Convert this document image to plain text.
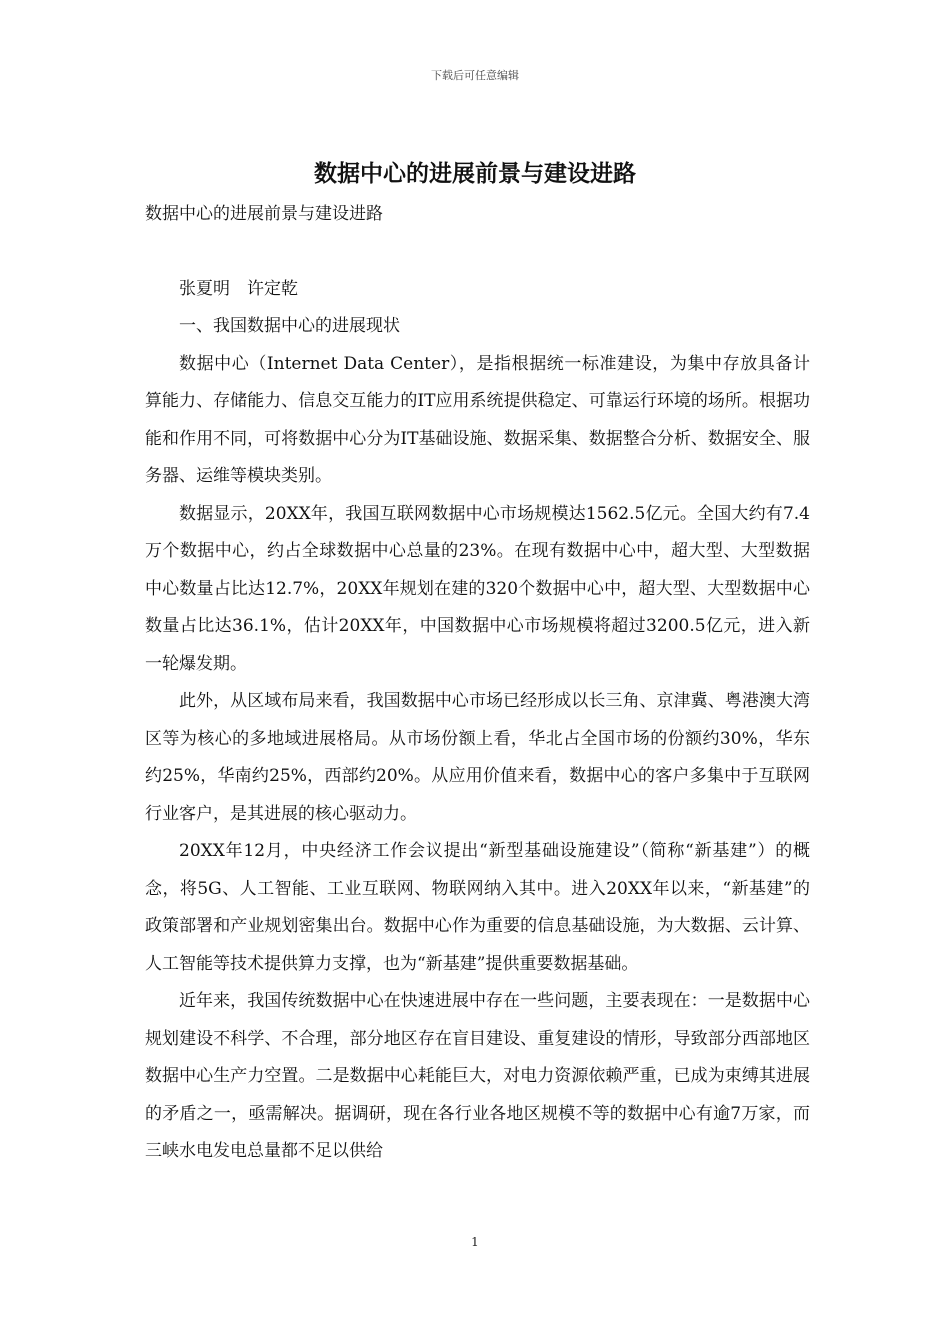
下载后可任意编辑
数据中心的进展前景与建设进路

数据中心的进展前景与建设进路

张夏明　许定乾

一、我国数据中心的进展现状

数据中心（Internet Data Center），是指根据统一标准建设，为集中存放具备计算能力、存储能力、信息交互能力的IT应用系统提供稳定、可靠运行环境的场所。根据功能和作用不同，可将数据中心分为IT基础设施、数据采集、数据整合分析、数据安全、服务器、运维等模块类别。

数据显示，20XX年，我国互联网数据中心市场规模达1562.5亿元。全国大约有7.4万个数据中心，约占全球数据中心总量的23%。在现有数据中心中，超大型、大型数据中心数量占比达12.7%，20XX年规划在建的320个数据中心中，超大型、大型数据中心数量占比达36.1%，估计20XX年，中国数据中心市场规模将超过3200.5亿元，进入新一轮爆发期。

此外，从区域布局来看，我国数据中心市场已经形成以长三角、京津冀、粤港澳大湾区等为核心的多地域进展格局。从市场份额上看，华北占全国市场的份额约30%，华东约25%，华南约25%，西部约20%。从应用价值来看，数据中心的客户多集中于互联网行业客户，是其进展的核心驱动力。

20XX年12月，中央经济工作会议提出“新型基础设施建设”（简称“新基建”）的概念，将5G、人工智能、工业互联网、物联网纳入其中。进入20XX年以来，“新基建”的政策部署和产业规划密集出台。数据中心作为重要的信息基础设施，为大数据、云计算、人工智能等技术提供算力支撑，也为“新基建”提供重要数据基础。

近年来，我国传统数据中心在快速进展中存在一些问题，主要表现在：一是数据中心规划建设不科学、不合理，部分地区存在盲目建设、重复建设的情形，导致部分西部地区数据中心生产力空置。二是数据中心耗能巨大，对电力资源依赖严重，已成为束缚其进展的矛盾之一，亟需解决。据调研，现在各行业各地区规模不等的数据中心有逾7万家，而三峡水电发电总量都不足以供给

1
